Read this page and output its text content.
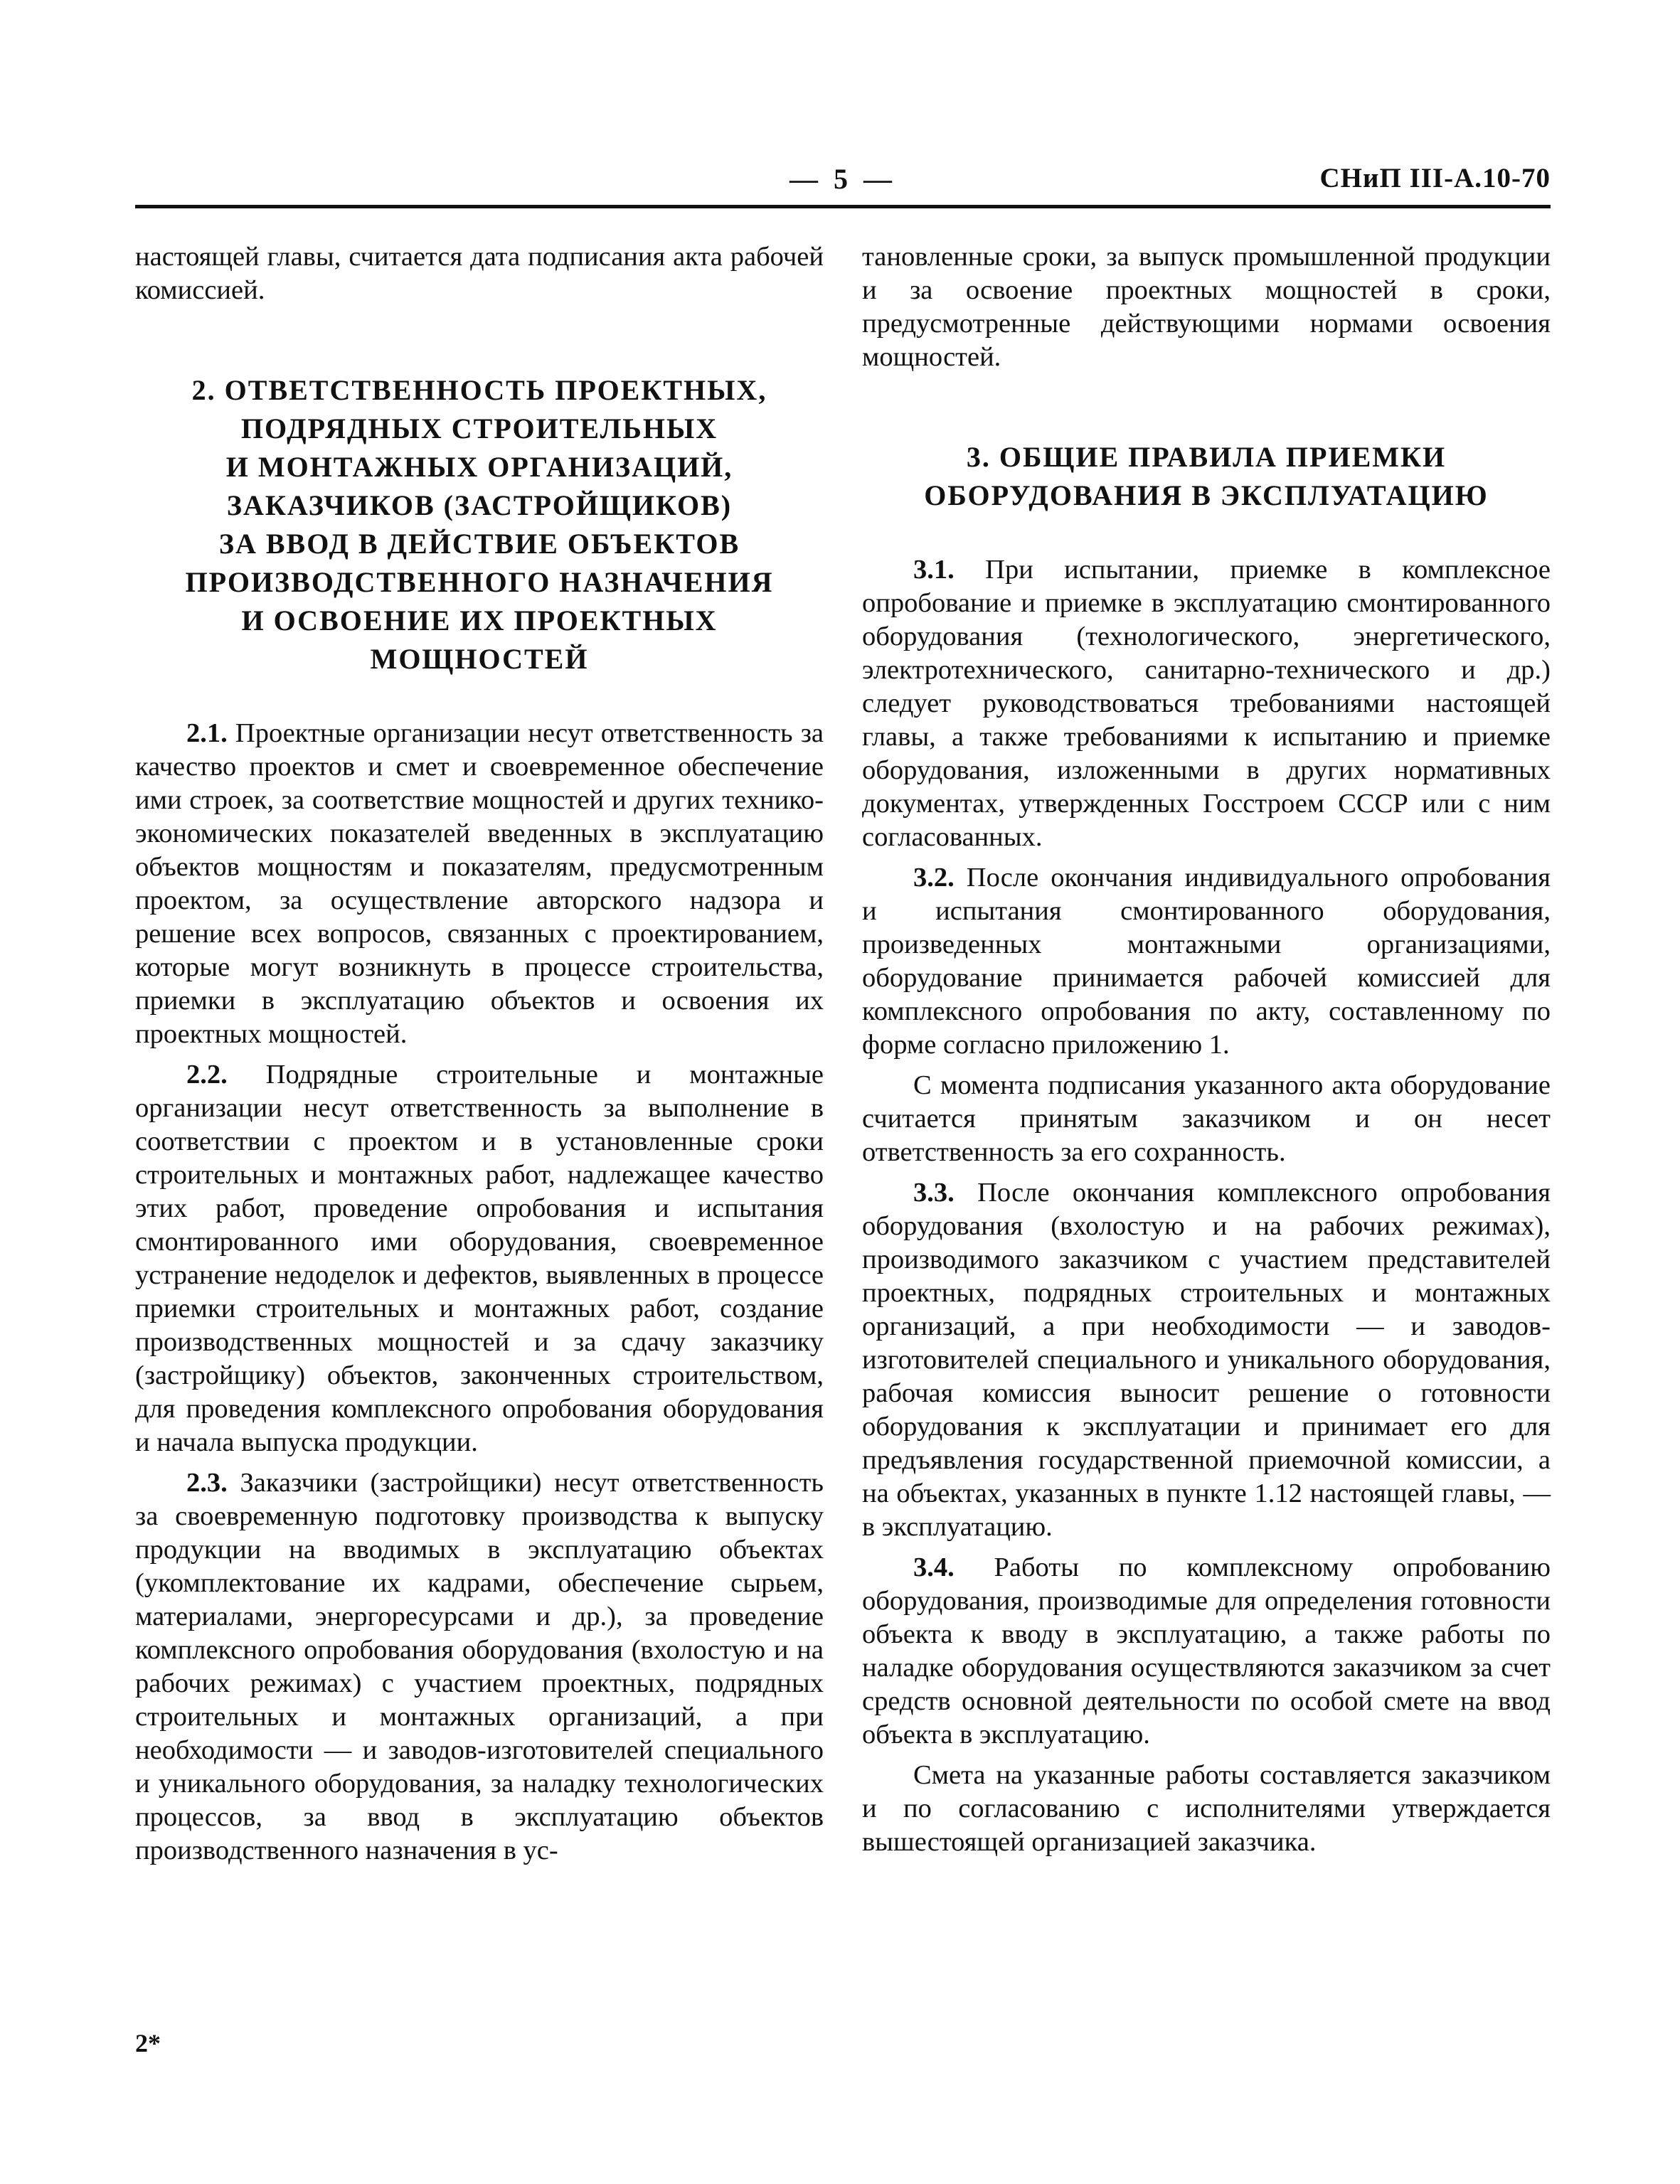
— 5 —	СНиП III-А.10-70

настоящей главы, считается дата подписания акта рабочей комиссией.

2. ОТВЕТСТВЕННОСТЬ ПРОЕКТНЫХ,
ПОДРЯДНЫХ СТРОИТЕЛЬНЫХ
И МОНТАЖНЫХ ОРГАНИЗАЦИЙ,
ЗАКАЗЧИКОВ (ЗАСТРОЙЩИКОВ)
ЗА ВВОД В ДЕЙСТВИЕ ОБЪЕКТОВ
ПРОИЗВОДСТВЕННОГО НАЗНАЧЕНИЯ
И ОСВОЕНИЕ ИХ ПРОЕКТНЫХ
МОЩНОСТЕЙ

2.1. Проектные организации несут ответственность за качество проектов и смет и своевременное обеспечение ими строек, за соответствие мощностей и других технико-экономических показателей введенных в эксплуатацию объектов мощностям и показателям, предусмотренным проектом, за осуществление авторского надзора и решение всех вопросов, связанных с проектированием, которые могут возникнуть в процессе строительства, приемки в эксплуатацию объектов и освоения их проектных мощностей.

2.2. Подрядные строительные и монтажные организации несут ответственность за выполнение в соответствии с проектом и в установленные сроки строительных и монтажных работ, надлежащее качество этих работ, проведение опробования и испытания смонтированного ими оборудования, своевременное устранение недоделок и дефектов, выявленных в процессе приемки строительных и монтажных работ, создание производственных мощностей и за сдачу заказчику (застройщику) объектов, законченных строительством, для проведения комплексного опробования оборудования и начала выпуска продукции.

2.3. Заказчики (застройщики) несут ответственность за своевременную подготовку производства к выпуску продукции на вводимых в эксплуатацию объектах (укомплектование их кадрами, обеспечение сырьем, материалами, энергоресурсами и др.), за проведение комплексного опробования оборудования (вхолостую и на рабочих режимах) с участием проектных, подрядных строительных и монтажных организаций, а при необходимости — и заводов-изготовителей специального и уникального оборудования, за наладку технологических процессов, за ввод в эксплуатацию объектов производственного назначения в ус-

тановленные сроки, за выпуск промышленной продукции и за освоение проектных мощностей в сроки, предусмотренные действующими нормами освоения мощностей.

3. ОБЩИЕ ПРАВИЛА ПРИЕМКИ
ОБОРУДОВАНИЯ В ЭКСПЛУАТАЦИЮ

3.1. При испытании, приемке в комплексное опробование и приемке в эксплуатацию смонтированного оборудования (технологического, энергетического, электротехнического, санитарно-технического и др.) следует руководствоваться требованиями настоящей главы, а также требованиями к испытанию и приемке оборудования, изложенными в других нормативных документах, утвержденных Госстроем СССР или с ним согласованных.

3.2. После окончания индивидуального опробования и испытания смонтированного оборудования, произведенных монтажными организациями, оборудование принимается рабочей комиссией для комплексного опробования по акту, составленному по форме согласно приложению 1.

С момента подписания указанного акта оборудование считается принятым заказчиком и он несет ответственность за его сохранность.

3.3. После окончания комплексного опробования оборудования (вхолостую и на рабочих режимах), производимого заказчиком с участием представителей проектных, подрядных строительных и монтажных организаций, а при необходимости — и заводов-изготовителей специального и уникального оборудования, рабочая комиссия выносит решение о готовности оборудования к эксплуатации и принимает его для предъявления государственной приемочной комиссии, а на объектах, указанных в пункте 1.12 настоящей главы, — в эксплуатацию.

3.4. Работы по комплексному опробованию оборудования, производимые для определения готовности объекта к вводу в эксплуатацию, а также работы по наладке оборудования осуществляются заказчиком за счет средств основной деятельности по особой смете на ввод объекта в эксплуатацию.

Смета на указанные работы составляется заказчиком и по согласованию с исполнителями утверждается вышестоящей организацией заказчика.

2*
